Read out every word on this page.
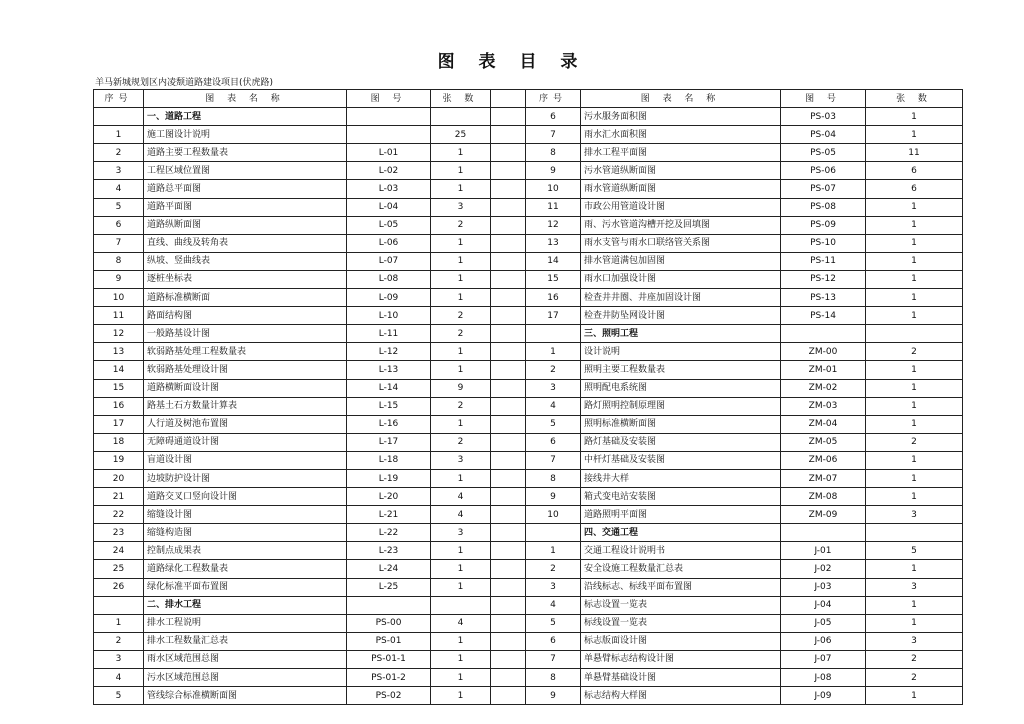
图 表 目 录
羊马新城规划区内凌颓道路建设项目(伏虎路)
序号	图 表 名 称	图 号	张 数		序号	图 表 名 称	图 号	张 数
	一、道路工程				6	污水服务面积图	PS-03	1
1	施工图设计说明		25		7	雨水汇水面积图	PS-04	1
2	道路主要工程数量表	L-01	1		8	排水工程平面图	PS-05	11
3	工程区域位置图	L-02	1		9	污水管道纵断面图	PS-06	6
4	道路总平面图	L-03	1		10	雨水管道纵断面图	PS-07	6
5	道路平面图	L-04	3		11	市政公用管道设计图	PS-08	1
6	道路纵断面图	L-05	2		12	雨、污水管道沟槽开挖及回填图	PS-09	1
7	直线、曲线及转角表	L-06	1		13	雨水支管与雨水口联络管关系图	PS-10	1
8	纵坡、竖曲线表	L-07	1		14	排水管道满包加固图	PS-11	1
9	逐桩坐标表	L-08	1		15	雨水口加强设计图	PS-12	1
10	道路标准横断面	L-09	1		16	检查井井圈、井座加固设计图	PS-13	1
11	路面结构图	L-10	2		17	检查井防坠网设计图	PS-14	1
12	一般路基设计图	L-11	2			三、照明工程		
13	软弱路基处理工程数量表	L-12	1		1	设计说明	ZM-00	2
14	软弱路基处理设计图	L-13	1		2	照明主要工程数量表	ZM-01	1
15	道路横断面设计图	L-14	9		3	照明配电系统图	ZM-02	1
16	路基土石方数量计算表	L-15	2		4	路灯照明控制原理图	ZM-03	1
17	人行道及树池布置图	L-16	1		5	照明标准横断面图	ZM-04	1
18	无障碍通道设计图	L-17	2		6	路灯基础及安装图	ZM-05	2
19	盲道设计图	L-18	3		7	中杆灯基础及安装图	ZM-06	1
20	边坡防护设计图	L-19	1		8	接线井大样	ZM-07	1
21	道路交叉口竖向设计图	L-20	4		9	箱式变电站安装图	ZM-08	1
22	缩缝设计图	L-21	4		10	道路照明平面图	ZM-09	3
23	缩缝构造图	L-22	3			四、交通工程		
24	控制点成果表	L-23	1		1	交通工程设计说明书	J-01	5
25	道路绿化工程数量表	L-24	1		2	安全设施工程数量汇总表	J-02	1
26	绿化标准平面布置图	L-25	1		3	沿线标志、标线平面布置图	J-03	3
	二、排水工程				4	标志设置一览表	J-04	1
1	排水工程说明	PS-00	4		5	标线设置一览表	J-05	1
2	排水工程数量汇总表	PS-01	1		6	标志版面设计图	J-06	3
3	雨水区域范围总图	PS-01-1	1		7	单悬臂标志结构设计图	J-07	2
4	污水区域范围总图	PS-01-2	1		8	单悬臂基础设计图	J-08	2
5	管线综合标准横断面图	PS-02	1		9	标志结构大样图	J-09	1
